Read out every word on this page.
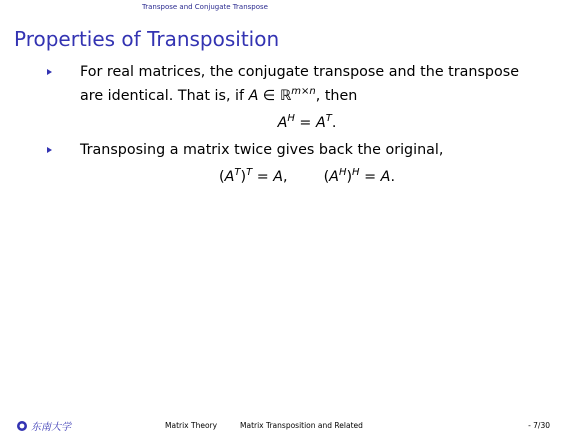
Transpose and Conjugate Transpose
Properties of Transposition
For real matrices, the conjugate transpose and the transpose
are identical. That is, if A ∈ ℝ$^{m\times n}$, then
$A^H = A^T$.
Transposing a matrix twice gives back the original,
$(A^T)^T = A$,	$(A^H)^H = A$.
东南大学	Matrix Theory	Matrix Transposition and Related	- 7/30
